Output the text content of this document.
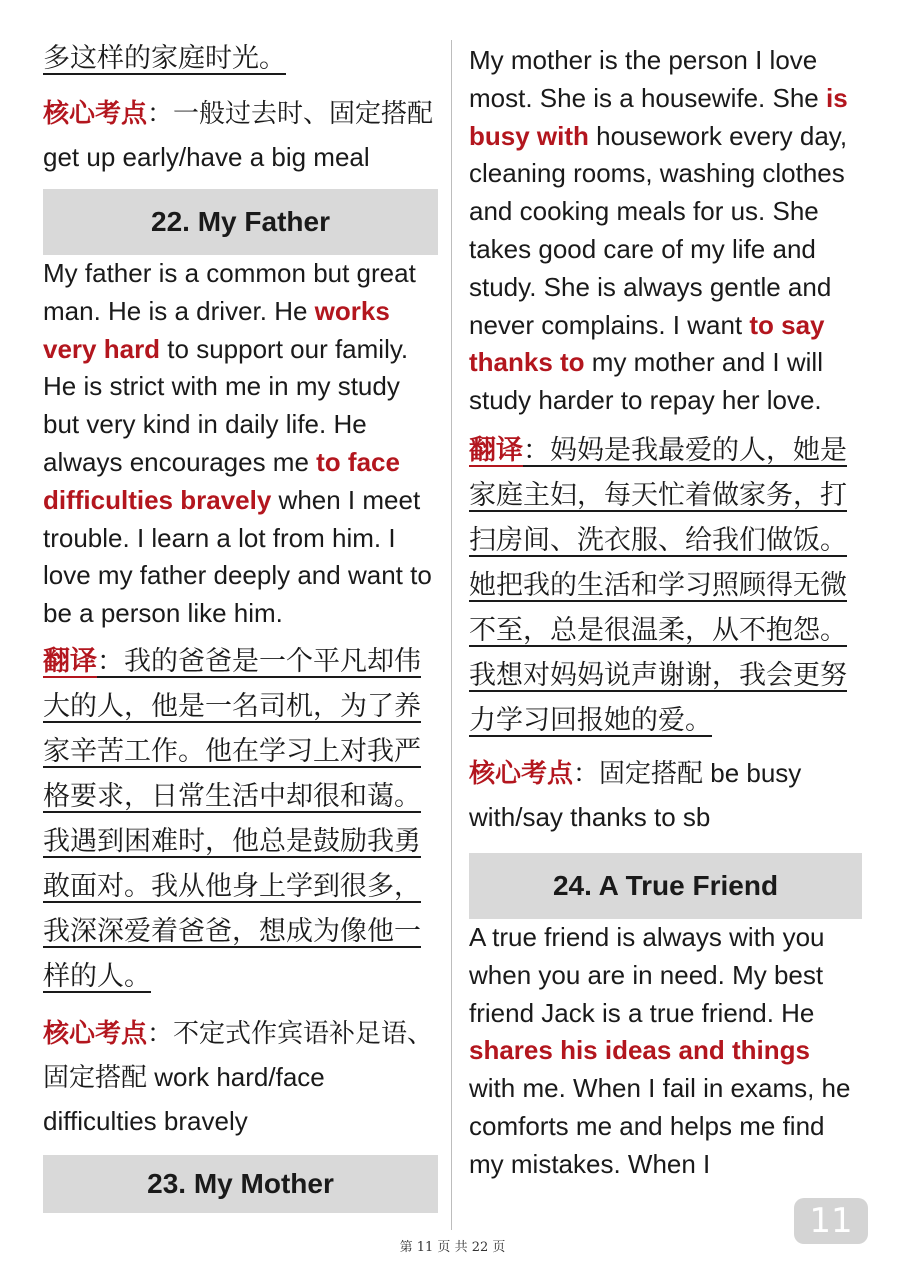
多这样的家庭时光。
核心考点：一般过去时、固定搭配 get up early/have a big meal
22. My Father
My father is a common but great man. He is a driver. He works very hard to support our family. He is strict with me in my study but very kind in daily life. He always encourages me to face difficulties bravely when I meet trouble. I learn a lot from him. I love my father deeply and want to be a person like him.
翻译：我的爸爸是一个平凡却伟大的人，他是一名司机，为了养家辛苦工作。他在学习上对我严格要求，日常生活中却很和蔼。我遇到困难时，他总是鼓励我勇敢面对。我从他身上学到很多，我深深爱着爸爸，想成为像他一样的人。
核心考点：不定式作宾语补足语、固定搭配 work hard/face difficulties bravely
23. My Mother
My mother is the person I love most. She is a housewife. She is busy with housework every day, cleaning rooms, washing clothes and cooking meals for us. She takes good care of my life and study. She is always gentle and never complains. I want to say thanks to my mother and I will study harder to repay her love.
翻译：妈妈是我最爱的人，她是家庭主妇，每天忙着做家务，打扫房间、洗衣服、给我们做饭。她把我的生活和学习照顾得无微不至，总是很温柔，从不抱怨。我想对妈妈说声谢谢，我会更努力学习回报她的爱。
核心考点：固定搭配 be busy with/say thanks to sb
24. A True Friend
A true friend is always with you when you are in need. My best friend Jack is a true friend. He shares his ideas and things with me. When I fail in exams, he comforts me and helps me find my mistakes. When I
11
第 11 页 共 22 页
